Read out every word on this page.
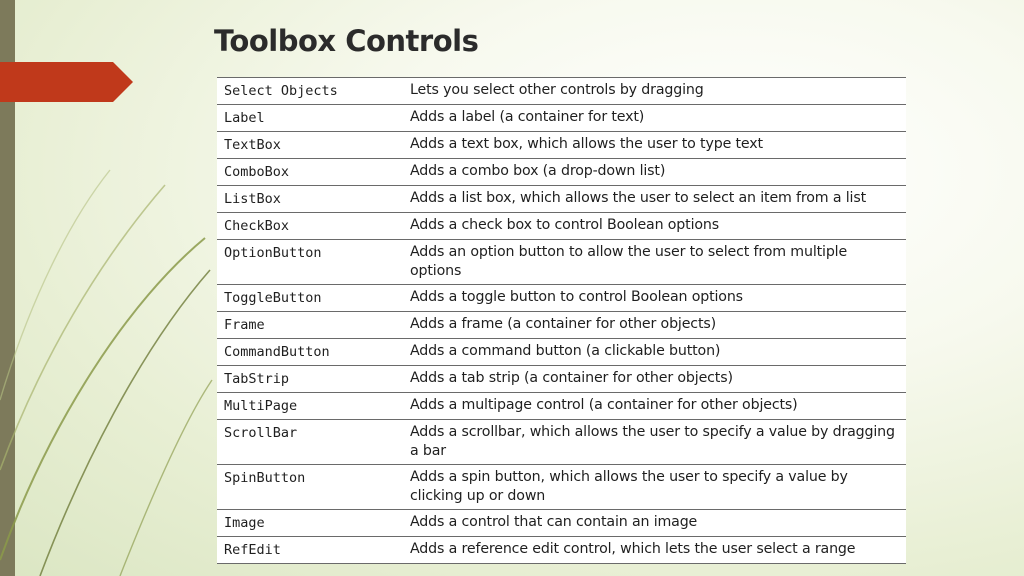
Toolbox Controls
Select Objects	Lets you select other controls by dragging
Label	Adds a label (a container for text)
TextBox	Adds a text box, which allows the user to type text
ComboBox	Adds a combo box (a drop-down list)
ListBox	Adds a list box, which allows the user to select an item from a list
CheckBox	Adds a check box to control Boolean options
OptionButton	Adds an option button to allow the user to select from multiple options
ToggleButton	Adds a toggle button to control Boolean options
Frame	Adds a frame (a container for other objects)
CommandButton	Adds a command button (a clickable button)
TabStrip	Adds a tab strip (a container for other objects)
MultiPage	Adds a multipage control (a container for other objects)
ScrollBar	Adds a scrollbar, which allows the user to specify a value by dragging a bar
SpinButton	Adds a spin button, which allows the user to specify a value by clicking up or down
Image	Adds a control that can contain an image
RefEdit	Adds a reference edit control, which lets the user select a range
